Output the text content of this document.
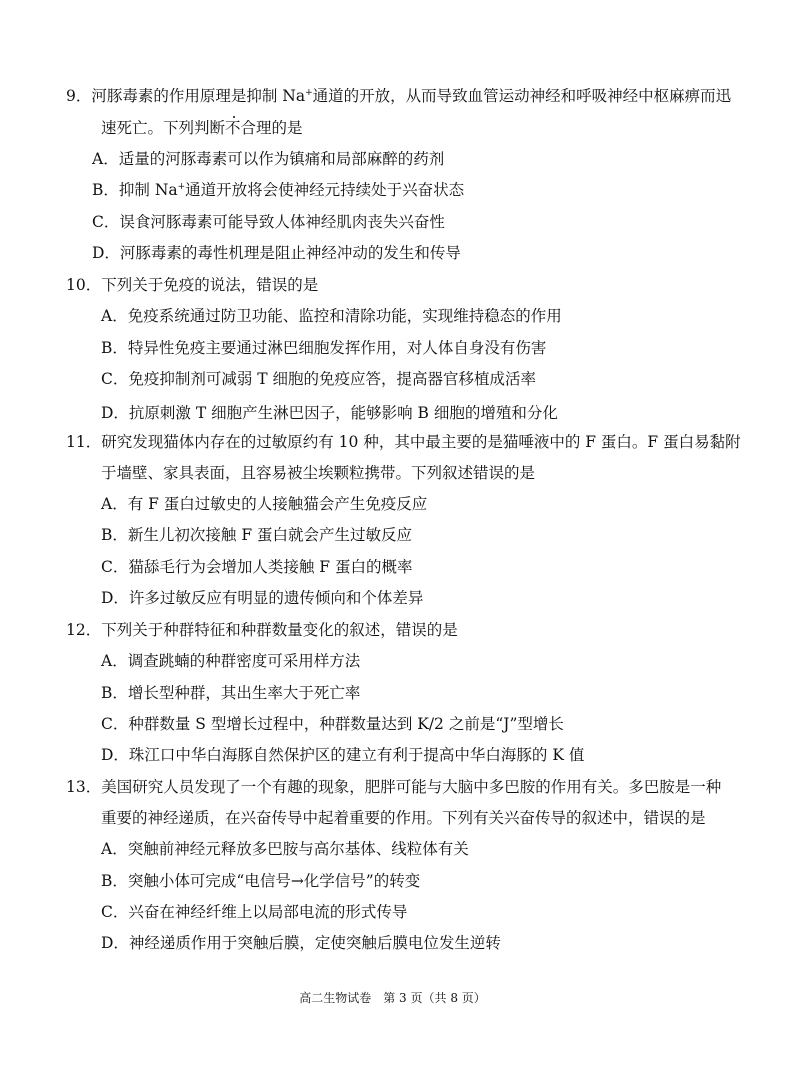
9．河豚毒素的作用原理是抑制 Na+通道的开放，从而导致血管运动神经和呼吸神经中枢麻痹而迅
速死亡。下列判断不合理的是
A．适量的河豚毒素可以作为镇痛和局部麻醉的药剂
B．抑制 Na+通道开放将会使神经元持续处于兴奋状态
C．误食河豚毒素可能导致人体神经肌肉丧失兴奋性
D．河豚毒素的毒性机理是阻止神经冲动的发生和传导
10．下列关于免疫的说法，错误的是
A．免疫系统通过防卫功能、监控和清除功能，实现维持稳态的作用
B．特异性免疫主要通过淋巴细胞发挥作用，对人体自身没有伤害
C．免疫抑制剂可减弱 T 细胞的免疫应答，提高器官移植成活率
D．抗原刺激 T 细胞产生淋巴因子，能够影响 B 细胞的增殖和分化
11．研究发现猫体内存在的过敏原约有 10 种，其中最主要的是猫唾液中的 F 蛋白。F 蛋白易黏附
于墙壁、家具表面，且容易被尘埃颗粒携带。下列叙述错误的是
A．有 F 蛋白过敏史的人接触猫会产生免疫反应
B．新生儿初次接触 F 蛋白就会产生过敏反应
C．猫舔毛行为会增加人类接触 F 蛋白的概率
D．许多过敏反应有明显的遗传倾向和个体差异
12．下列关于种群特征和种群数量变化的叙述，错误的是
A．调查跳蝻的种群密度可采用样方法
B．增长型种群，其出生率大于死亡率
C．种群数量 S 型增长过程中，种群数量达到 K/2 之前是“J”型增长
D．珠江口中华白海豚自然保护区的建立有利于提高中华白海豚的 K 值
13．美国研究人员发现了一个有趣的现象，肥胖可能与大脑中多巴胺的作用有关。多巴胺是一种
重要的神经递质，在兴奋传导中起着重要的作用。下列有关兴奋传导的叙述中，错误的是
A．突触前神经元释放多巴胺与高尔基体、线粒体有关
B．突触小体可完成“电信号→化学信号”的转变
C．兴奋在神经纤维上以局部电流的形式传导
D．神经递质作用于突触后膜，定使突触后膜电位发生逆转
高二生物试卷　第 3 页（共 8 页）
